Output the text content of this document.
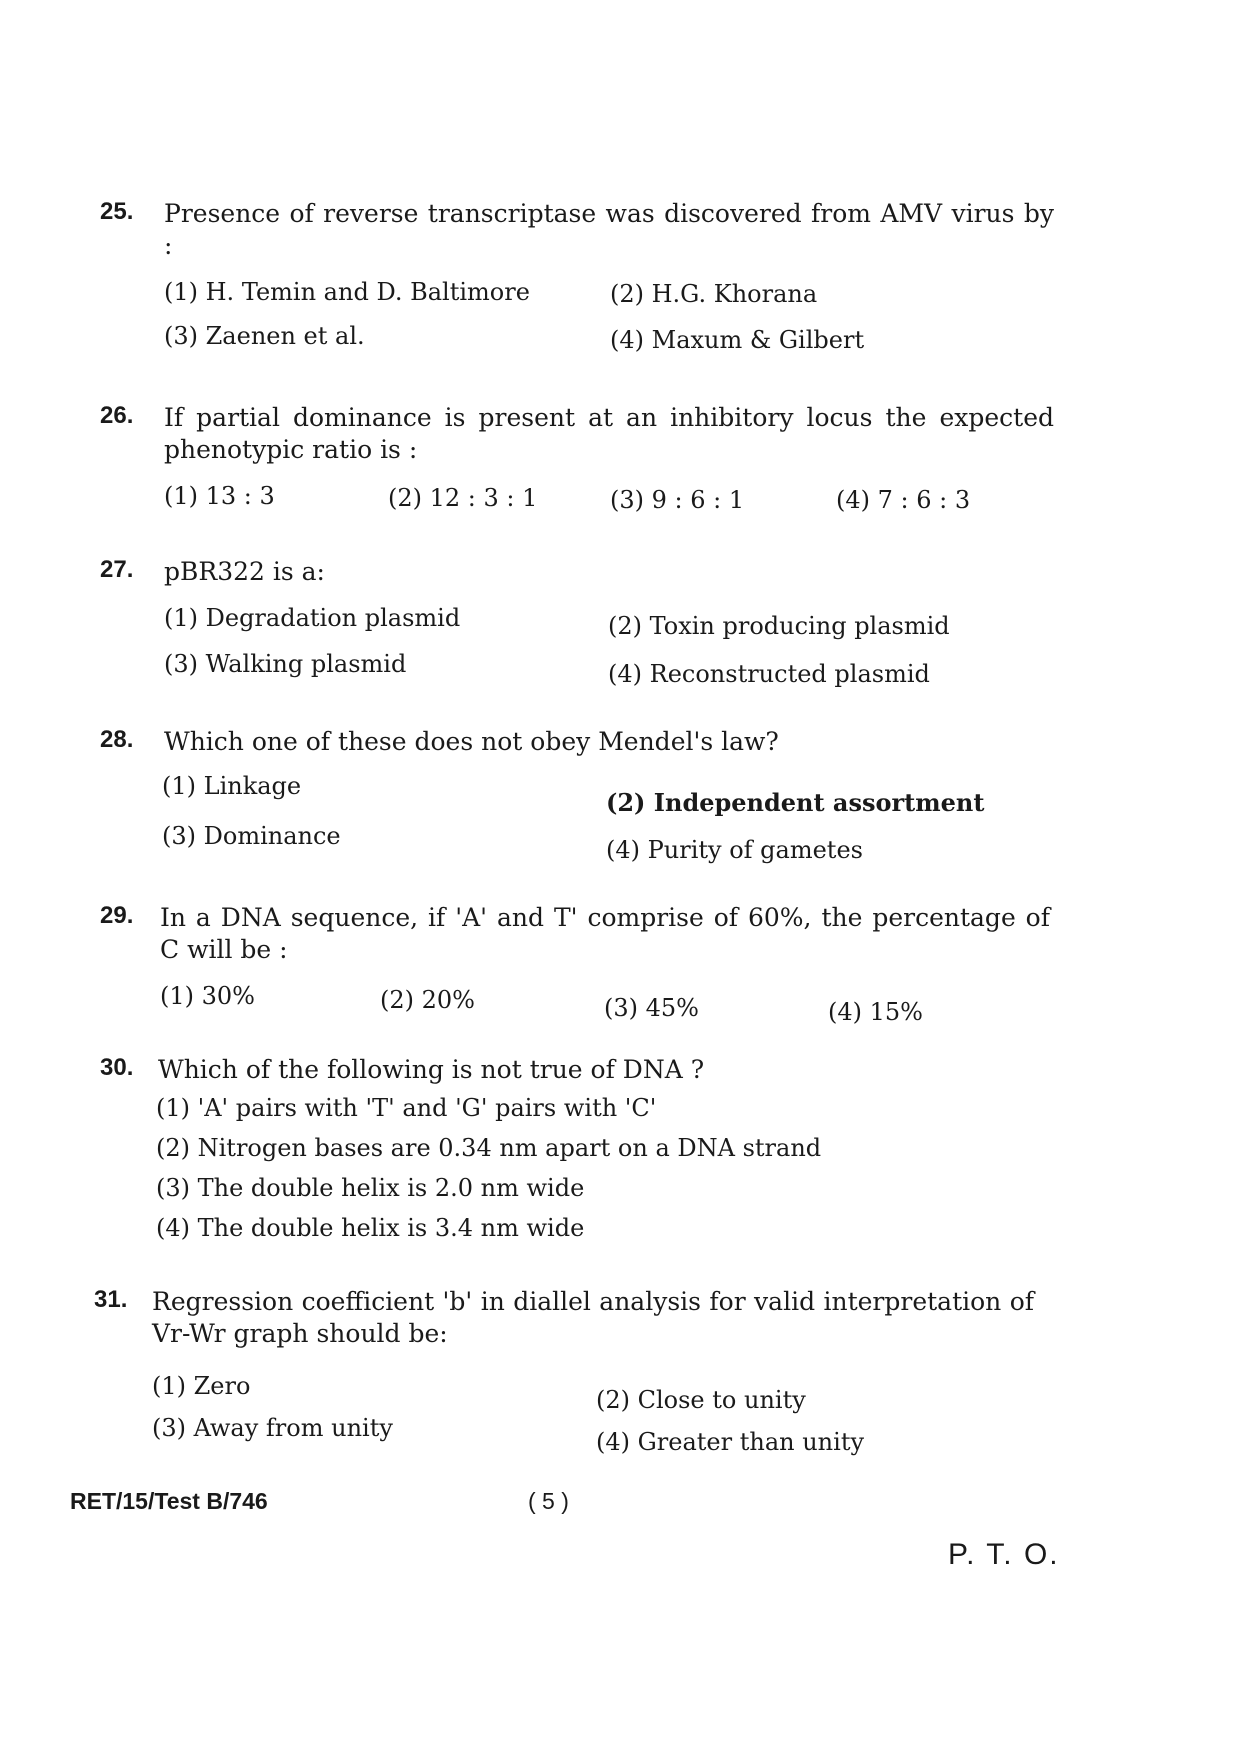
25. Presence of reverse transcriptase was discovered from AMV virus by :
(1) H. Temin and D. Baltimore	(2) H.G. Khorana
(3) Zaenen et al.	(4) Maxum & Gilbert
26. If partial dominance is present at an inhibitory locus the expected phenotypic ratio is :
(1) 13 : 3	(2) 12 : 3 : 1	(3) 9 : 6 : 1	(4) 7 : 6 : 3
27. pBR322 is a:
(1) Degradation plasmid	(2) Toxin producing plasmid
(3) Walking plasmid	(4) Reconstructed plasmid
28. Which one of these does not obey Mendel's law?
(1) Linkage
(2) Independent assortment
(3) Dominance	(4) Purity of gametes
29. In a DNA sequence, if 'A' and T' comprise of 60%, the percentage of C will be :
(1) 30%	(2) 20%	(3) 45%	(4) 15%
30. Which of the following is not true of DNA ?
(1) 'A' pairs with 'T' and 'G' pairs with 'C'
(2) Nitrogen bases are 0.34 nm apart on a DNA strand
(3) The double helix is 2.0 nm wide
(4) The double helix is 3.4 nm wide
31. Regression coefficient 'b' in diallel analysis for valid interpretation of Vr-Wr graph should be:
(1) Zero	(2) Close to unity
(3) Away from unity	(4) Greater than unity
RET/15/Test B/746	( 5 )
P. T. O.
